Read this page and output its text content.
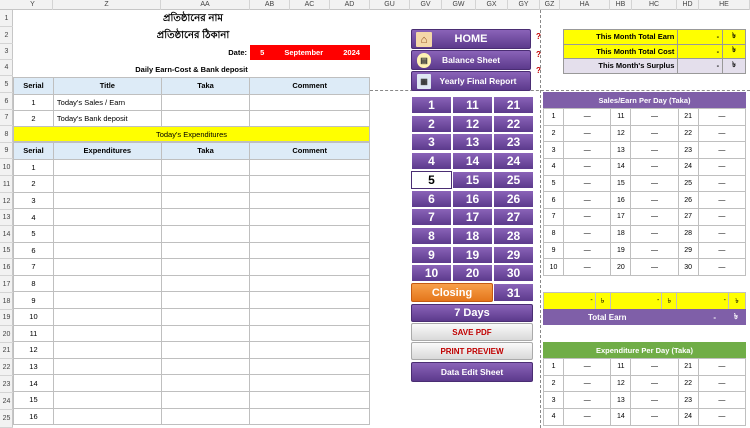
Y	Z	AA	AB	AC	AD	GU	GV	GW	GX	GY	GZ	HA	HB	HC	HD	HE
1
2
3
4
5
6
7
8
9
10
11
12
13
14
15
16
17
18
19
20
21
22
23
24
25
প্রতিষ্ঠানের নাম
প্রতিষ্ঠানের ঠিকানা
Date:	5	September	2024
Daily Earn-Cost & Bank deposit
Serial	Title	Taka	Comment
1	Today's Sales / Earn		
2	Today's Bank deposit		
Today's Expenditures
Serial	Expenditures	Taka	Comment
1			
2			
3			
4			
5			
6			
7			
8			
9			
10			
11			
12			
13			
14			
15			
16			
⌂	HOME
▤	Balance Sheet
▦	Yearly Final Report
?
?
?
1	11	21
2	12	22
3	13	23
4	14	24
5	15	25
6	16	26
7	17	27
8	18	28
9	19	29
10	20	30
Closing	31
7 Days
SAVE PDF
PRINT PREVIEW
Data Edit Sheet
This Month Total Earn	-	৳
This Month Total Cost	-	৳
This Month's Surplus	-	৳
Sales/Earn Per Day (Taka)
1	—	11	—	21	—
2	—	12	—	22	—
3	—	13	—	23	—
4	—	14	—	24	—
5	—	15	—	25	—
6	—	16	—	26	—
7	—	17	—	27	—
8	—	18	—	28	—
9	—	19	—	29	—
10	—	20	—	30	—
-	৳	-	৳	-	৳
Total Earn	- ৳
Expenditure Per Day (Taka)
1	—	11	—	21	—
2	—	12	—	22	—
3	—	13	—	23	—
4	—	14	—	24	—
